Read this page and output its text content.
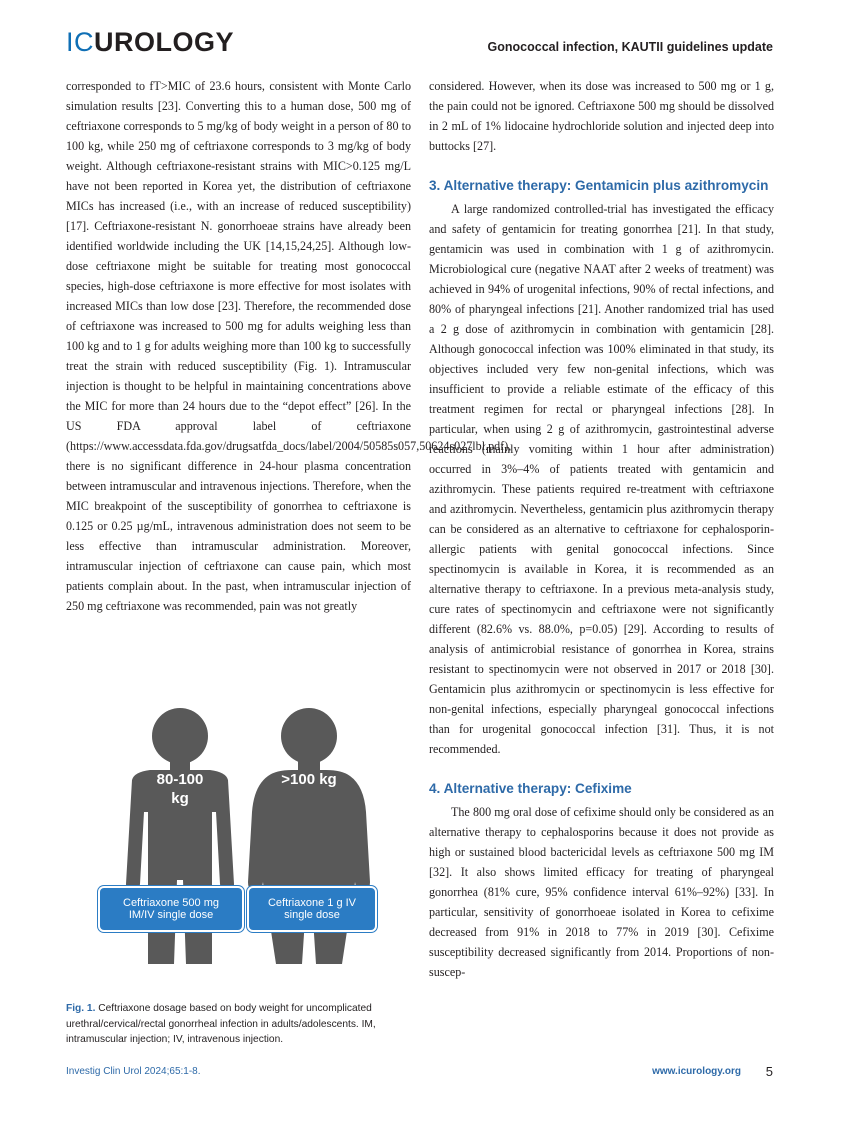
ICUROLOGY	Gonococcal infection, KAUTII guidelines update

corresponded to fT>MIC of 23.6 hours, consistent with Monte Carlo simulation results [23]. Converting this to a human dose, 500 mg of ceftriaxone corresponds to 5 mg/kg of body weight in a person of 80 to 100 kg, while 250 mg of ceftriaxone corresponds to 3 mg/kg of body weight. Although ceftriaxone-resistant strains with MIC>0.125 mg/L have not been reported in Korea yet, the distribution of ceftriaxone MICs has increased (i.e., with an increase of reduced susceptibility) [17]. Ceftriaxone-resistant N. gonorrhoeae strains have already been identified worldwide including the UK [14,15,24,25]. Although low-dose ceftriaxone might be suitable for treating most gonococcal species, high-dose ceftriaxone is more effective for most isolates with increased MICs than low dose [23]. Therefore, the recommended dose of ceftriaxone was increased to 500 mg for adults weighing less than 100 kg and to 1 g for adults weighing more than 100 kg to successfully treat the strain with reduced susceptibility (Fig. 1). Intramuscular injection is thought to be helpful in maintaining concentrations above the MIC for more than 24 hours due to the “depot effect” [26]. In the US FDA approval label of ceftriaxone (https://www.accessdata.fda.gov/drugsatfda_docs/label/2004/50585s057,50624s027lbl.pdf), there is no significant difference in 24-hour plasma concentration between intramuscular and intravenous injections. Therefore, when the MIC breakpoint of the susceptibility of gonorrhea to ceftriaxone is 0.125 or 0.25 µg/mL, intravenous administration does not seem to be less effective than intramuscular administration. Moreover, intramuscular injection of ceftriaxone can cause pain, which most patients complain about. In the past, when intramuscular injection of 250 mg ceftriaxone was recommended, pain was not greatly

considered. However, when its dose was increased to 500 mg or 1 g, the pain could not be ignored. Ceftriaxone 500 mg should be dissolved in 2 mL of 1% lidocaine hydrochloride solution and injected deep into buttocks [27].

3. Alternative therapy: Gentamicin plus azithromycin

A large randomized controlled-trial has investigated the efficacy and safety of gentamicin for treating gonorrhea [21]. In that study, gentamicin was used in combination with 1 g of azithromycin. Microbiological cure (negative NAAT after 2 weeks of treatment) was achieved in 94% of urogenital infections, 90% of rectal infections, and 80% of pharyngeal infections [21]. Another randomized trial has used a 2 g dose of azithromycin in combination with gentamicin [28]. Although gonococcal infection was 100% eliminated in that study, its objectives included very few non-genital infections, which was insufficient to provide a reliable estimate of the efficacy of this treatment regimen for rectal or pharyngeal infections [28]. In particular, when using 2 g of azithromycin, gastrointestinal adverse reactions (mainly vomiting within 1 hour after administration) occurred in 3%–4% of patients treated with gentamicin and azithromycin. These patients required re-treatment with ceftriaxone and azithromycin. Nevertheless, gentamicin plus azithromycin therapy can be considered as an alternative to ceftriaxone for cephalosporin-allergic patients with genital gonococcal infections. Since spectinomycin is available in Korea, it is recommended as an alternative therapy to ceftriaxone. In a previous meta-analysis study, cure rates of spectinomycin and ceftriaxone were not significantly different (82.6% vs. 88.0%, p=0.05) [29]. According to results of analysis of antimicrobial resistance of gonorrhea in Korea, strains resistant to spectinomycin were not observed in 2017 or 2018 [30]. Gentamicin plus azithromycin or spectinomycin is less effective for non-genital infections, especially pharyngeal gonococcal infections than for urogenital gonococcal infection [31]. Thus, it is not recommended.

4. Alternative therapy: Cefixime

The 800 mg oral dose of cefixime should only be considered as an alternative therapy to cephalosporins because it does not provide as high or sustained blood bactericidal levels as ceftriaxone 500 mg IM [32]. It also shows limited efficacy for treating of pharyngeal gonorrhea (81% cure, 95% confidence interval 61%–92%) [33]. In particular, sensitivity of gonorrhoeae isolated in Korea to cefixime decreased from 91% in 2018 to 77% in 2019 [30]. Cefixime susceptibility decreased significantly from 2014. Proportions of non-suscep-

80-100
kg
>100 kg
Ceftriaxone 500 mg
IM/IV single dose
Ceftriaxone 1 g IV
single dose
Fig. 1. Ceftriaxone dosage based on body weight for uncomplicated urethral/cervical/rectal gonorrheal infection in adults/adolescents. IM, intramuscular injection; IV, intravenous injection.
Investig Clin Urol 2024;65:1-8.	www.icurology.org 5
